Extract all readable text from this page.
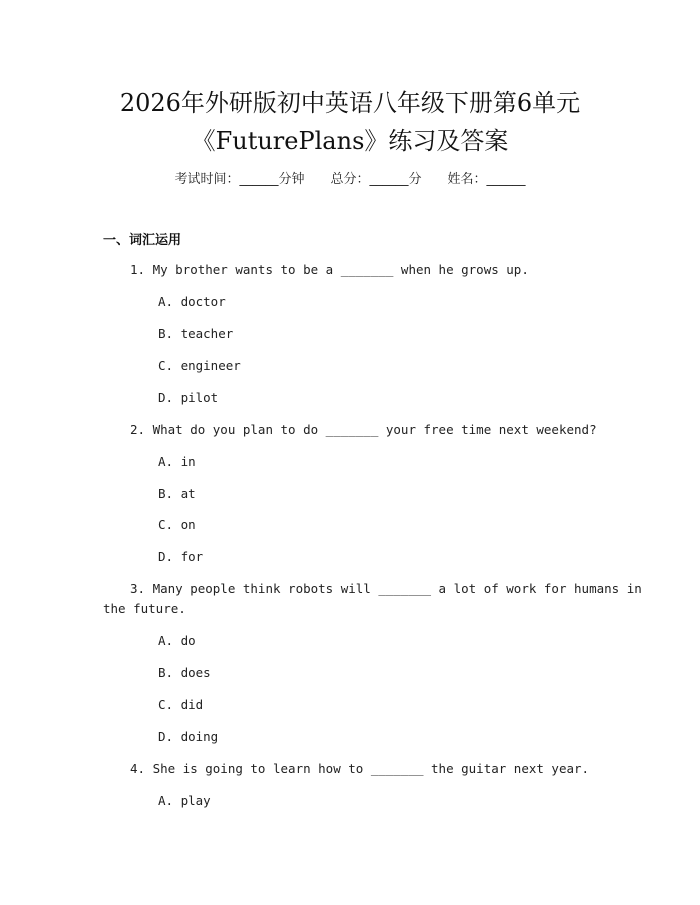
2026年外研版初中英语八年级下册第6单元
《FuturePlans》练习及答案
考试时间：______分钟 总分：______分 姓名：______
一、词汇运用
1. My brother wants to be a _______ when he grows up.
A. doctor
B. teacher
C. engineer
D. pilot
2. What do you plan to do _______ your free time next weekend?
A. in
B. at
C. on
D. for
3. Many people think robots will _______ a lot of work for humans in
the future.
A. do
B. does
C. did
D. doing
4. She is going to learn how to _______ the guitar next year.
A. play
